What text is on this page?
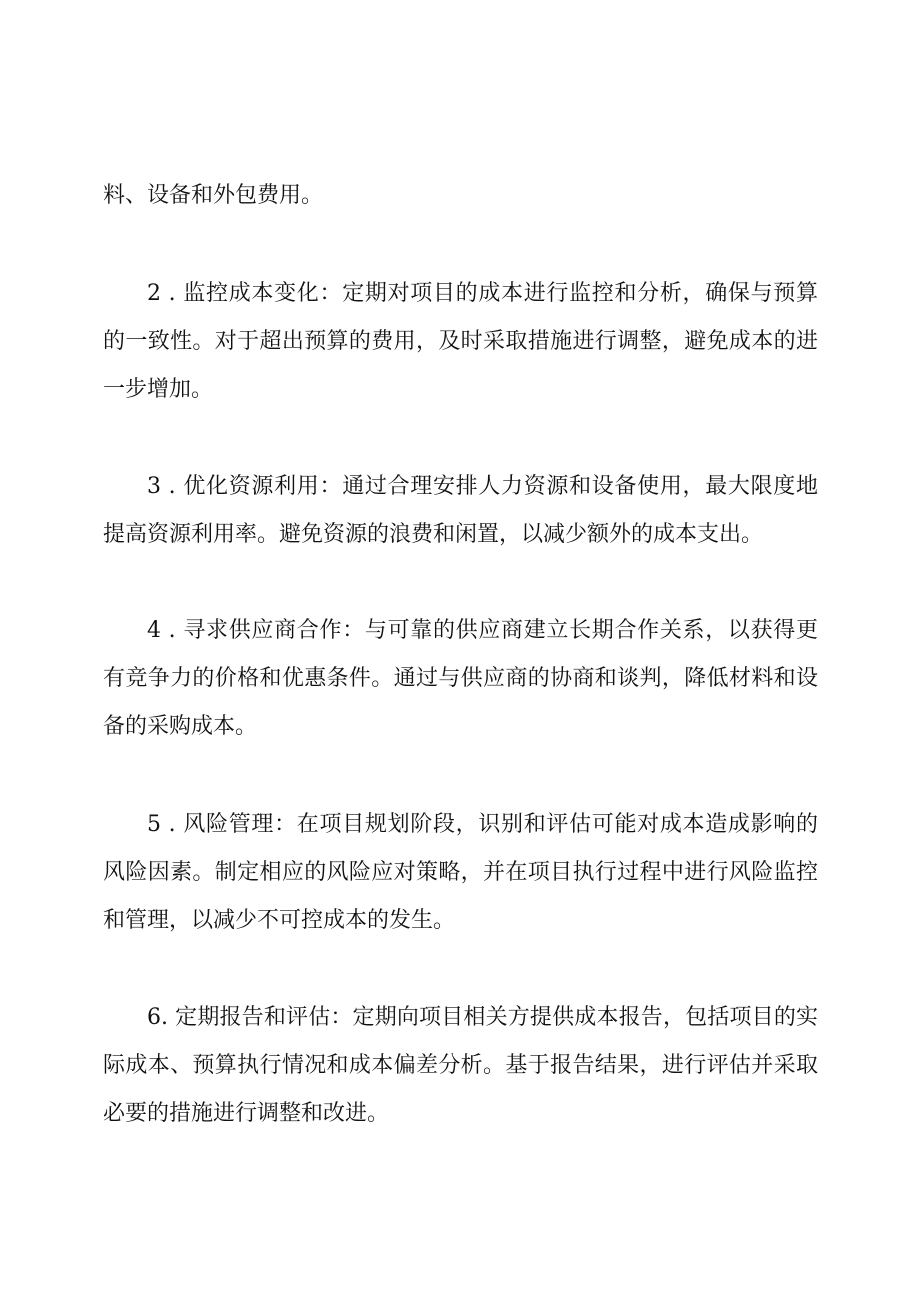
料、设备和外包费用。

2 . 监控成本变化：定期对项目的成本进行监控和分析，确保与预算的一致性。对于超出预算的费用，及时采取措施进行调整，避免成本的进一步增加。

3 . 优化资源利用：通过合理安排人力资源和设备使用，最大限度地提高资源利用率。避免资源的浪费和闲置，以减少额外的成本支出。

4 . 寻求供应商合作：与可靠的供应商建立长期合作关系，以获得更有竞争力的价格和优惠条件。通过与供应商的协商和谈判，降低材料和设备的采购成本。

5 . 风险管理：在项目规划阶段，识别和评估可能对成本造成影响的风险因素。制定相应的风险应对策略，并在项目执行过程中进行风险监控和管理，以减少不可控成本的发生。

6. 定期报告和评估：定期向项目相关方提供成本报告，包括项目的实际成本、预算执行情况和成本偏差分析。基于报告结果，进行评估并采取必要的措施进行调整和改进。
